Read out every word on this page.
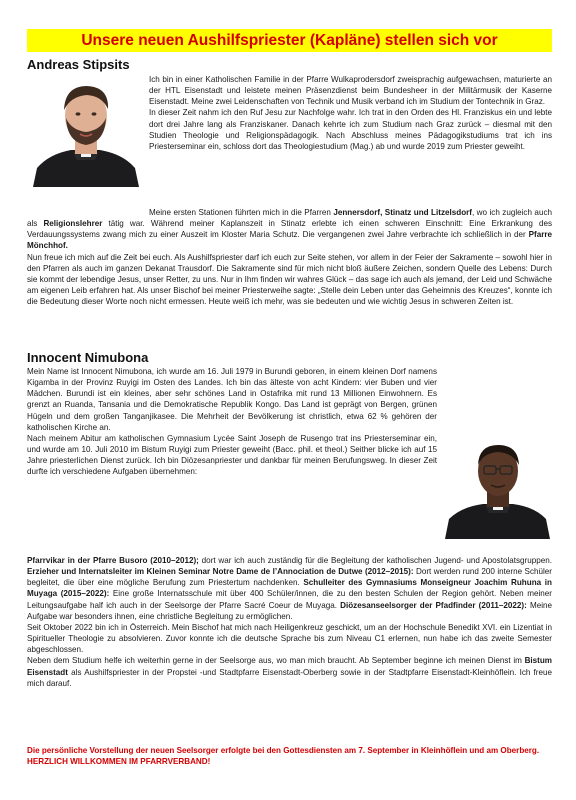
Unsere neuen Aushilfspriester (Kapläne) stellen sich vor
Andreas Stipsits

Ich bin in einer Katholischen Familie in der Pfarre Wulkaprodersdorf zweisprachig aufgewachsen, maturierte an der HTL Eisenstadt und leistete meinen Präsenzdienst beim Bundesheer in der Militärmusik der Kaserne Eisenstadt. Meine zwei Leidenschaften von Technik und Musik verband ich im Studium der Tontechnik in Graz.

In dieser Zeit nahm ich den Ruf Jesu zur Nachfolge wahr. Ich trat in den Orden des Hl. Franziskus ein und lebte dort drei Jahre lang als Franziskaner. Danach kehrte ich zum Studium nach Graz zurück – diesmal mit den Studien Theologie und Religionspädagogik. Nach Abschluss meines Pädagogikstudiums trat ich ins Priesterseminar ein, schloss dort das Theologiestudium (Mag.) ab und wurde 2019 zum Priester geweiht.

Meine ersten Stationen führten mich in die Pfarren Jennersdorf, Stinatz und Litzelsdorf, wo ich zugleich auch als Religionslehrer tätig war. Während meiner Kaplanszeit in Stinatz erlebte ich einen schweren Einschnitt: Eine Erkrankung des Verdauungssystems zwang mich zu einer Auszeit im Kloster Maria Schutz. Die vergangenen zwei Jahre verbrachte ich schließlich in der Pfarre Mönchhof.

Nun freue ich mich auf die Zeit bei euch. Als Aushilfspriester darf ich euch zur Seite stehen, vor allem in der Feier der Sakramente – sowohl hier in den Pfarren als auch im ganzen Dekanat Trausdorf. Die Sakramente sind für mich nicht bloß äußere Zeichen, sondern Quelle des Lebens: Durch sie kommt der lebendige Jesus, unser Retter, zu uns. Nur in Ihm finden wir wahres Glück – das sage ich auch als jemand, der Leid und Schwäche am eigenen Leib erfahren hat. Als unser Bischof bei meiner Priesterweihe sagte: „Stelle dein Leben unter das Geheimnis des Kreuzes“, konnte ich die Bedeutung dieser Worte noch nicht ermessen. Heute weiß ich mehr, was sie bedeuten und wie wichtig Jesus in schweren Zeiten ist.

Innocent Nimubona

Mein Name ist Innocent Nimubona, ich wurde am 16. Juli 1979 in Burundi geboren, in einem kleinen Dorf namens Kigamba in der Provinz Ruyigi im Osten des Landes. Ich bin das älteste von acht Kindern: vier Buben und vier Mädchen. Burundi ist ein kleines, aber sehr schönes Land in Ostafrika mit rund 13 Millionen Einwohnern. Es grenzt an Ruanda, Tansania und die Demokratische Republik Kongo. Das Land ist geprägt von Bergen, grünen Hügeln und dem großen Tanganjikasee. Die Mehrheit der Bevölkerung ist christlich, etwa 62 % gehören der katholischen Kirche an.

Nach meinem Abitur am katholischen Gymnasium Lycée Saint Joseph de Rusengo trat ins Priesterseminar ein, und wurde am 10. Juli 2010 im Bistum Ruyigi zum Priester geweiht (Bacc. phil. et theol.) Seither blicke ich auf 15 Jahre priesterlichen Dienst zurück. Ich bin Diözesanpriester und dankbar für meinen Berufungsweg. In dieser Zeit durfte ich verschiedene Aufgaben übernehmen:

Pfarrvikar in der Pfarre Busoro (2010–2012); dort war ich auch zuständig für die Begleitung der katholischen Jugend- und Apostolatsgruppen. Erzieher und Internatsleiter im Kleinen Seminar Notre Dame de l’Annociation de Dutwe (2012–2015): Dort werden rund 200 interne Schüler begleitet, die über eine mögliche Berufung zum Priestertum nachdenken. Schulleiter des Gymnasiums Monseigneur Joachim Ruhuna in Muyaga (2015–2022): Eine große Internatsschule mit über 400 Schüler/innen, die zu den besten Schulen der Region gehört. Neben meiner Leitungsaufgabe half ich auch in der Seelsorge der Pfarre Sacré Coeur de Muyaga. Diözesanseelsorger der Pfadfinder (2011–2022): Meine Aufgabe war besonders ihnen, eine christliche Begleitung zu ermöglichen.

Seit Oktober 2022 bin ich in Österreich. Mein Bischof hat mich nach Heiligenkreuz geschickt, um an der Hochschule Benedikt XVI. ein Lizentiat in Spiritueller Theologie zu absolvieren. Zuvor konnte ich die deutsche Sprache bis zum Niveau C1 erlernen, nun habe ich das zweite Semester abgeschlossen.

Neben dem Studium helfe ich weiterhin gerne in der Seelsorge aus, wo man mich braucht. Ab September beginne ich meinen Dienst im Bistum Eisenstadt als Aushilfspriester in der Propstei -und Stadtpfarre Eisenstadt-Oberberg sowie in der Stadtpfarre Eisenstadt-Kleinhöflein. Ich freue mich darauf.

Die persönliche Vorstellung der neuen Seelsorger erfolgte bei den Gottesdiensten am 7. September in Kleinhöflein und am Oberberg. HERZLICH WILLKOMMEN IM PFARRVERBAND!
